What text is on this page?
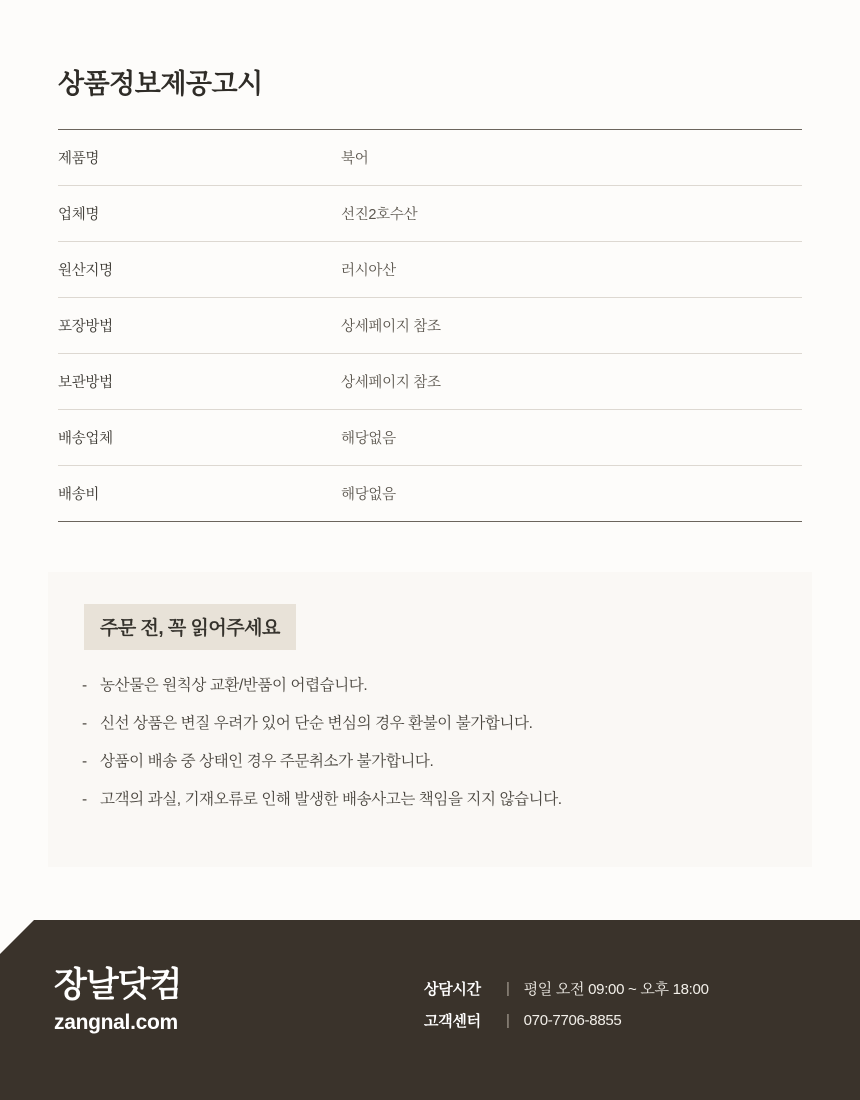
상품정보제공고시
제품명	북어
업체명	선진2호수산
원산지명	러시아산
포장방법	상세페이지 참조
보관방법	상세페이지 참조
배송업체	해당없음
배송비	해당없음
주문 전, 꼭 읽어주세요
- 농산물은 원칙상 교환/반품이 어렵습니다.
- 신선 상품은 변질 우려가 있어 단순 변심의 경우 환불이 불가합니다.
- 상품이 배송 중 상태인 경우 주문취소가 불가합니다.
- 고객의 과실, 기재오류로 인해 발생한 배송사고는 책임을 지지 않습니다.
장날닷컴
zangnal.com
상담시간	| 평일 오전 09:00 ~ 오후 18:00
고객센터	| 070-7706-8855
